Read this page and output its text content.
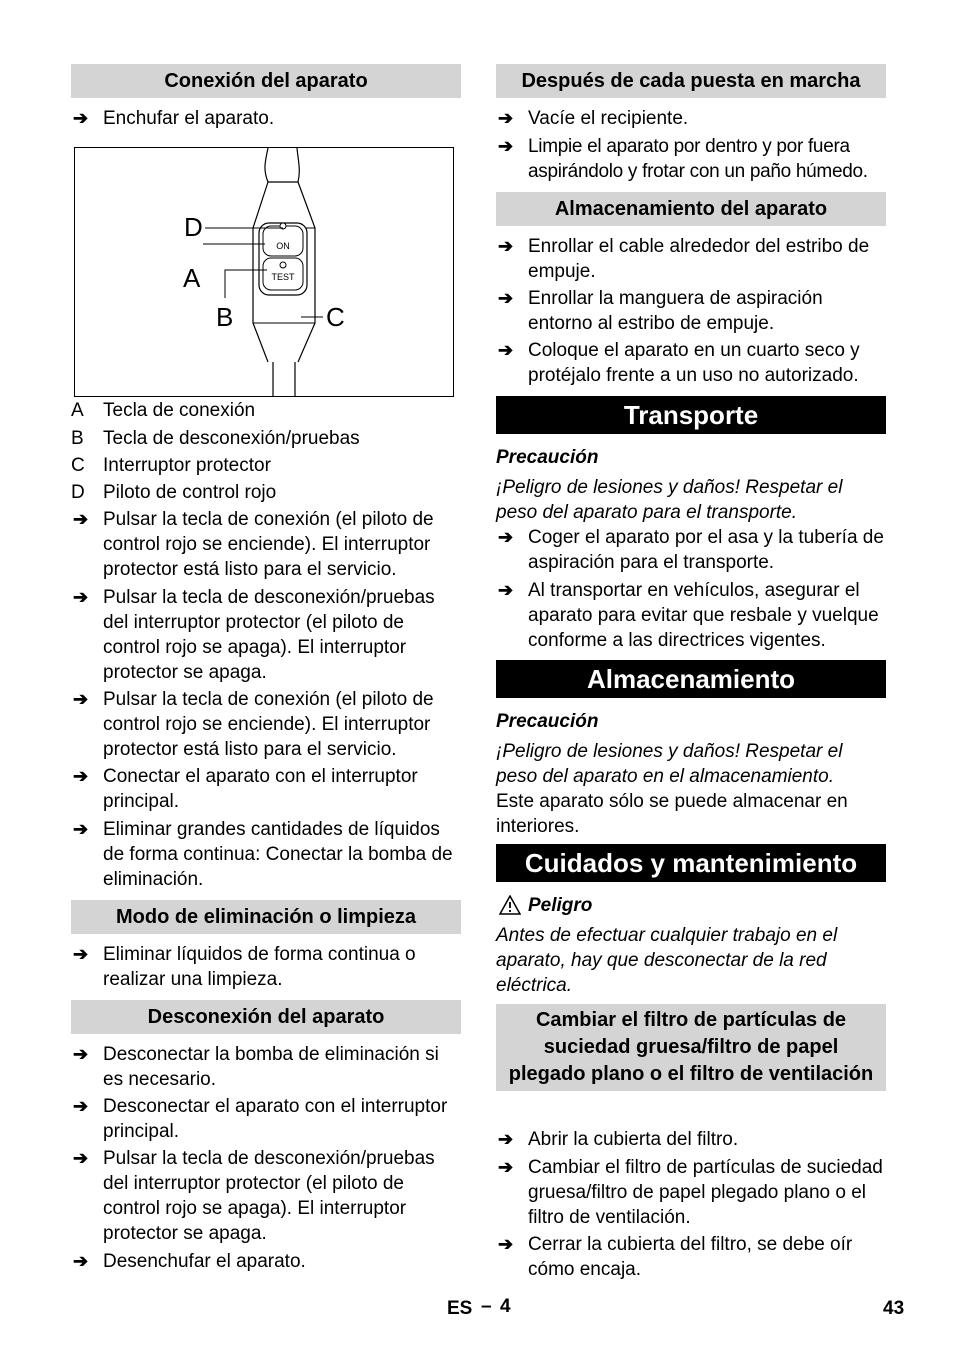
Conexión del aparato
➔ Enchufar el aparato.
ON
TEST
D
A
B	C
A Tecla de conexión
B Tecla de desconexión/pruebas
C Interruptor protector
D Piloto de control rojo
➔ Pulsar la tecla de conexión (el piloto de control rojo se enciende). El interruptor protector está listo para el servicio.
➔ Pulsar la tecla de desconexión/pruebas del interruptor protector (el piloto de control rojo se apaga). El interruptor protector se apaga.
➔ Pulsar la tecla de conexión (el piloto de control rojo se enciende). El interruptor protector está listo para el servicio.
➔ Conectar el aparato con el interruptor principal.
➔ Eliminar grandes cantidades de líquidos de forma continua: Conectar la bomba de eliminación.
Modo de eliminación o limpieza
➔ Eliminar líquidos de forma continua o realizar una limpieza.
Desconexión del aparato
➔ Desconectar la bomba de eliminación si es necesario.
➔ Desconectar el aparato con el interruptor principal.
➔ Pulsar la tecla de desconexión/pruebas del interruptor protector (el piloto de control rojo se apaga). El interruptor protector se apaga.
➔ Desenchufar el aparato.
Después de cada puesta en marcha
➔ Vacíe el recipiente.
➔ Limpie el aparato por dentro y por fuera aspirándolo y frotar con un paño húmedo.
Almacenamiento del aparato
➔ Enrollar el cable alrededor del estribo de empuje.
➔ Enrollar la manguera de aspiración entorno al estribo de empuje.
➔ Coloque el aparato en un cuarto seco y protéjalo frente a un uso no autorizado.
Transporte
Precaución
¡Peligro de lesiones y daños! Respetar el peso del aparato para el transporte.
➔ Coger el aparato por el asa y la tubería de aspiración para el transporte.
➔ Al transportar en vehículos, asegurar el aparato para evitar que resbale y vuelque conforme a las directrices vigentes.
Almacenamiento
Precaución
¡Peligro de lesiones y daños! Respetar el peso del aparato en el almacenamiento.
Este aparato sólo se puede almacenar en interiores.
Cuidados y mantenimiento
Peligro
Antes de efectuar cualquier trabajo en el aparato, hay que desconectar de la red eléctrica.
Cambiar el filtro de partículas de suciedad gruesa/filtro de papel plegado plano o el filtro de ventilación
➔ Abrir la cubierta del filtro.
➔ Cambiar el filtro de partículas de suciedad gruesa/filtro de papel plegado plano o el filtro de ventilación.
➔ Cerrar la cubierta del filtro, se debe oír cómo encaja.
ES – 4	43
